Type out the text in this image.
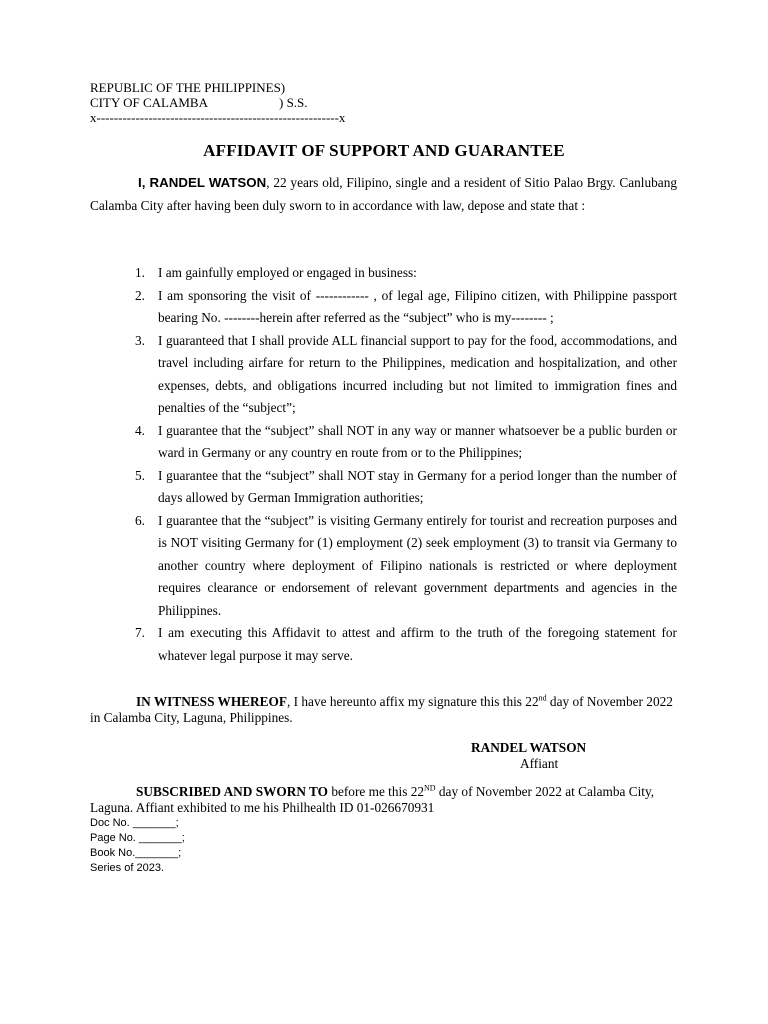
REPUBLIC OF THE PHILIPPINES)
CITY OF CALAMBA	) S.S.
x--------------------------------------------------------x
AFFIDAVIT OF SUPPORT AND GUARANTEE
I, RANDEL WATSON, 22 years old, Filipino, single and a resident of Sitio Palao Brgy. Canlubang Calamba City after having been duly sworn to in accordance with law, depose and state that :
1. I am gainfully employed or engaged in business:
2. I am sponsoring the visit of ------------ , of legal age, Filipino citizen, with Philippine passport bearing No. --------herein after referred as the “subject” who is my-------- ;
3. I guaranteed that I shall provide ALL financial support to pay for the food, accommodations, and travel including airfare for return to the Philippines, medication and hospitalization, and other expenses, debts, and obligations incurred including but not limited to immigration fines and penalties of the “subject”;
4. I guarantee that the “subject” shall NOT in any way or manner whatsoever be a public burden or ward in Germany or any country en route from or to the Philippines;
5. I guarantee that the “subject” shall NOT stay in Germany for a period longer than the number of days allowed by German Immigration authorities;
6. I guarantee that the “subject” is visiting Germany entirely for tourist and recreation purposes and is NOT visiting Germany for (1) employment (2) seek employment (3) to transit via Germany to another country where deployment of Filipino nationals is restricted or where deployment requires clearance or endorsement of relevant government departments and agencies in the Philippines.
7. I am executing this Affidavit to attest and affirm to the truth of the foregoing statement for whatever legal purpose it may serve.
IN WITNESS WHEREOF, I have hereunto affix my signature this this 22nd day of November 2022 in Calamba City, Laguna, Philippines.
RANDEL WATSON
Affiant
SUBSCRIBED AND SWORN TO before me this 22ND day of November 2022 at Calamba City, Laguna. Affiant exhibited to me his Philhealth ID 01-026670931
Doc No. _______;
Page No. _______;
Book No._______;
Series of 2023.
